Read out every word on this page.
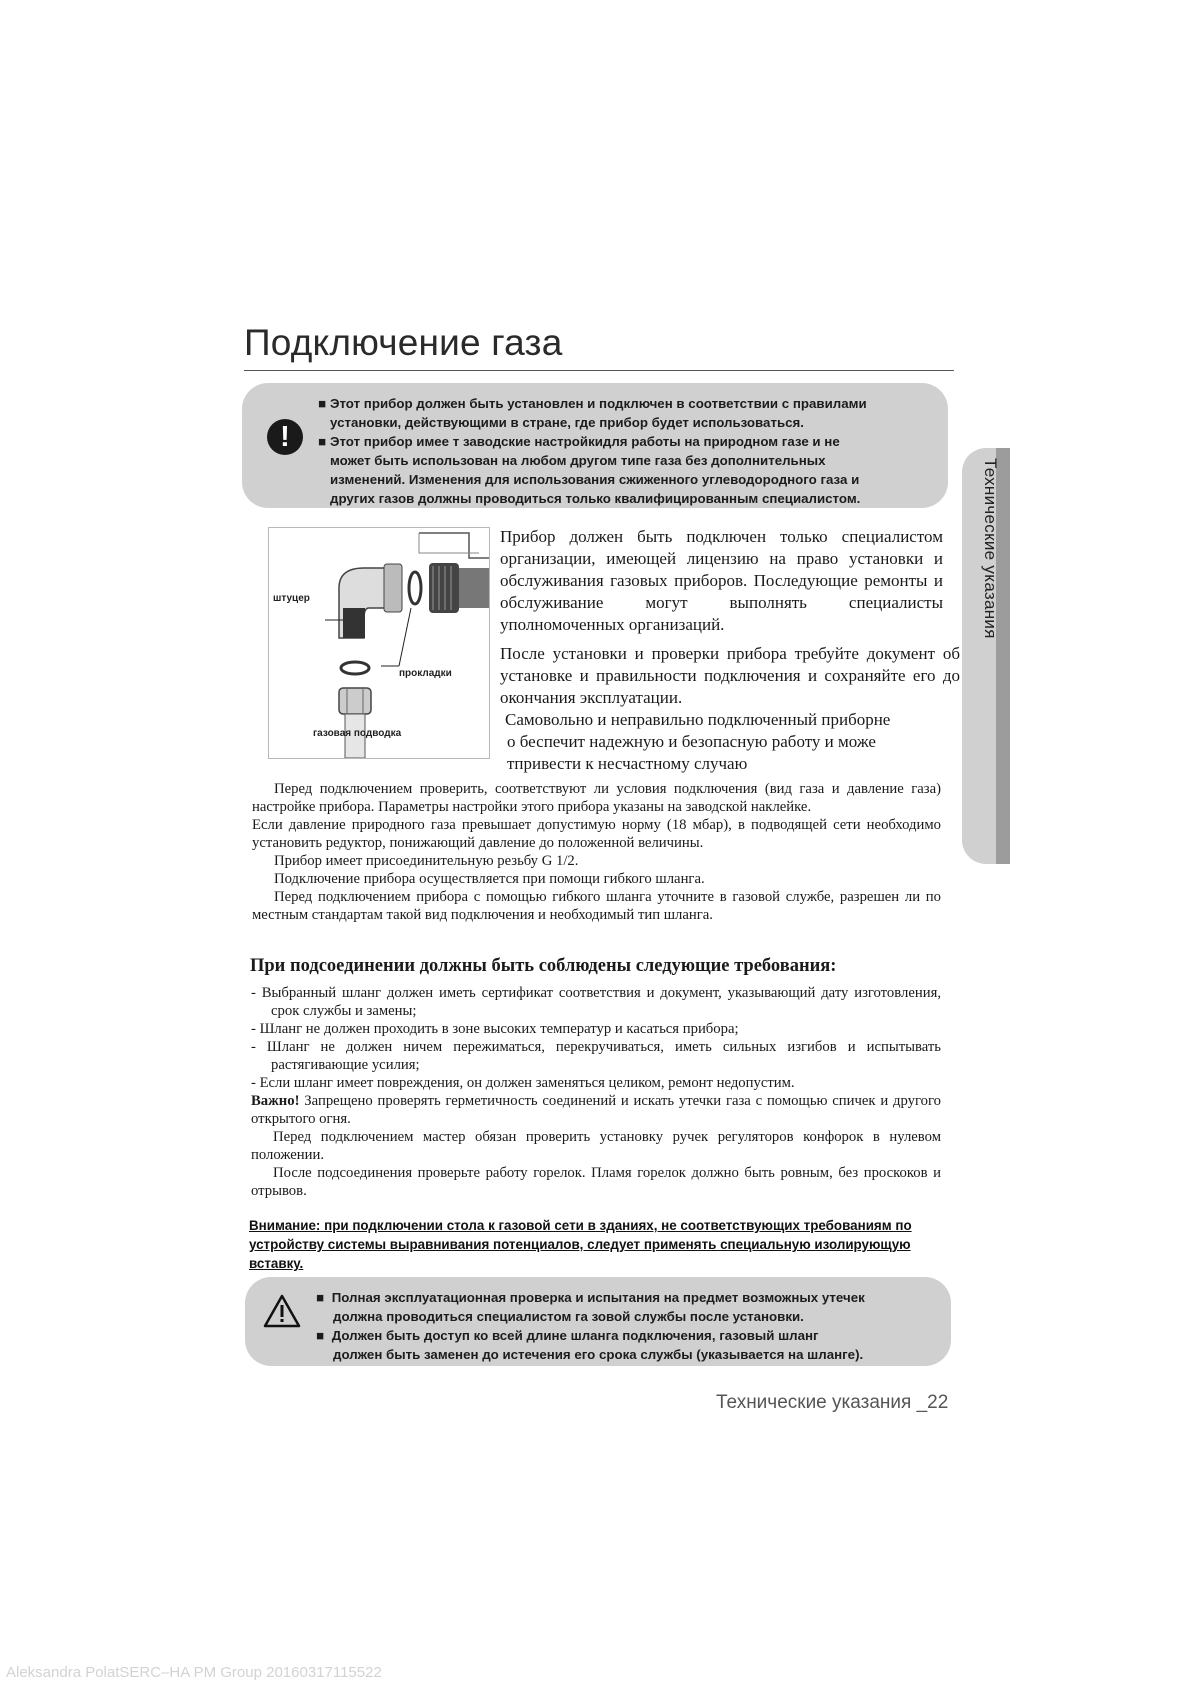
Подключение газа
Технические указания
!

■ Этот прибор должен быть установлен и подключен в соответствии с правилами

установки, действующими в стране, где прибор будет использоваться.

■ Этот прибор имее т заводские настройкидля работы на природном газе и не

может быть использован на любом другом типе газа без дополнительных

изменений. Изменения для использования сжиженного углеводородного газа и

других газов должны проводиться только квалифицированным специалистом.

штуцер
прокладки
газовая подводка
Прибор должен быть подключен только специалистом организации, имеющей лицензию на право установки и обслуживания газовых приборов. Последующие ремонты и обслуживание могут выполнять специалисты уполномоченных организаций.
После установки и проверки прибора требуйте документ об установке и правильности подключения и сохраняйте его до окончания эксплуатации.
Самовольно и неправильно подключенный приборне
о беспечит надежную и безопасную работу и може
тпривести к несчастному случаю

Перед подключением проверить, соответствуют ли условия подключения (вид газа и давление газа) настройке прибора. Параметры настройки этого прибора указаны на заводской наклейке.

Если давление природного газа превышает допустимую норму (18 мбар), в подводящей сети необходимо установить редуктор, понижающий давление до положенной величины.

Прибор имеет присоединительную резьбу G 1/2.

Подключение прибора осуществляется при помощи гибкого шланга.

Перед подключением прибора с помощью гибкого шланга уточните в газовой службе, разрешен ли по местным стандартам такой вид подключения и необходимый тип шланга.

При подсоединении должны быть соблюдены следующие требования:

- Выбранный шланг должен иметь сертификат соответствия и документ, указывающий дату изготовления, срок службы и замены;

- Шланг не должен проходить в зоне высоких температур и касаться прибора;

- Шланг не должен ничем пережиматься, перекручиваться, иметь сильных изгибов и испытывать растягивающие усилия;

- Если шланг имеет повреждения, он должен заменяться целиком, ремонт недопустим.

Важно! Запрещено проверять герметичность соединений и искать утечки газа с помощью спичек и другого открытого огня.

Перед подключением мастер обязан проверить установку ручек регуляторов конфорок в нулевом положении.

После подсоединения проверьте работу горелок. Пламя горелок должно быть ровным, без проскоков и отрывов.

Внимание: при подключении стола к газовой сети в зданиях, не соответствующих требованиям по устройству системы выравнивания потенциалов, следует применять специальную изолирующую вставку.

■ Полная эксплуатационная проверка и испытания на предмет возможных утечек

должна проводиться специалистом га зовой службы после установки.

■ Должен быть доступ ко всей длине шланга подключения, газовый шланг

должен быть заменен до истечения его срока службы (указывается на шланге).

Технические указания _22
Aleksandra PolatSERC–HA PM Group 20160317115522
